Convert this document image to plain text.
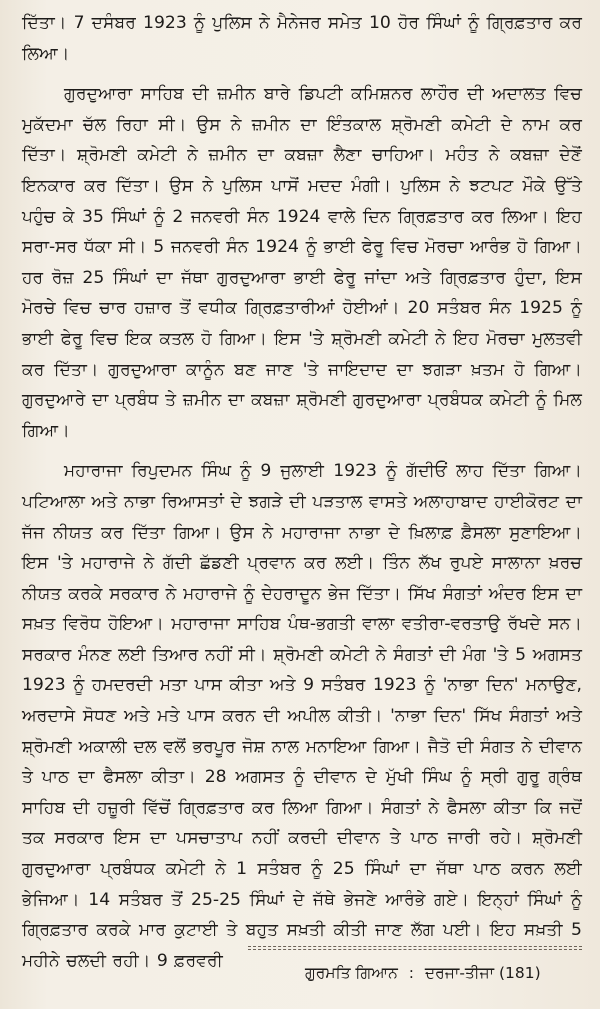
ਦਿੱਤਾ। 7 ਦਸੰਬਰ 1923 ਨੂੰ ਪੁਲਿਸ ਨੇ ਮੈਨੇਜਰ ਸਮੇਤ 10 ਹੋਰ ਸਿੰਘਾਂ ਨੂੰ ਗ੍ਰਿਫ਼ਤਾਰ ਕਰ ਲਿਆ।

ਗੁਰਦੁਆਰਾ ਸਾਹਿਬ ਦੀ ਜ਼ਮੀਨ ਬਾਰੇ ਡਿਪਟੀ ਕਮਿਸ਼ਨਰ ਲਾਹੌਰ ਦੀ ਅਦਾਲਤ ਵਿਚ ਮੁਕੱਦਮਾ ਚੱਲ ਰਿਹਾ ਸੀ। ਉਸ ਨੇ ਜ਼ਮੀਨ ਦਾ ਇੰਤਕਾਲ ਸ਼੍ਰੋਮਣੀ ਕਮੇਟੀ ਦੇ ਨਾਮ ਕਰ ਦਿੱਤਾ। ਸ਼੍ਰੋਮਣੀ ਕਮੇਟੀ ਨੇ ਜ਼ਮੀਨ ਦਾ ਕਬਜ਼ਾ ਲੈਣਾ ਚਾਹਿਆ। ਮਹੰਤ ਨੇ ਕਬਜ਼ਾ ਦੇਣੋਂ ਇਨਕਾਰ ਕਰ ਦਿੱਤਾ। ਉਸ ਨੇ ਪੁਲਿਸ ਪਾਸੋਂ ਮਦਦ ਮੰਗੀ। ਪੁਲਿਸ ਨੇ ਝਟਪਟ ਮੌਕੇ ਉੱਤੇ ਪਹੁੰਚ ਕੇ 35 ਸਿੰਘਾਂ ਨੂੰ 2 ਜਨਵਰੀ ਸੰਨ 1924 ਵਾਲੇ ਦਿਨ ਗ੍ਰਿਫ਼ਤਾਰ ਕਰ ਲਿਆ। ਇਹ ਸਰਾ-ਸਰ ਧੱਕਾ ਸੀ। 5 ਜਨਵਰੀ ਸੰਨ 1924 ਨੂੰ ਭਾਈ ਫੇਰੂ ਵਿਚ ਮੋਰਚਾ ਆਰੰਭ ਹੋ ਗਿਆ। ਹਰ ਰੋਜ਼ 25 ਸਿੰਘਾਂ ਦਾ ਜੱਥਾ ਗੁਰਦੁਆਰਾ ਭਾਈ ਫੇਰੂ ਜਾਂਦਾ ਅਤੇ ਗ੍ਰਿਫ਼ਤਾਰ ਹੁੰਦਾ, ਇਸ ਮੋਰਚੇ ਵਿਚ ਚਾਰ ਹਜ਼ਾਰ ਤੋਂ ਵਧੀਕ ਗ੍ਰਿਫ਼ਤਾਰੀਆਂ ਹੋਈਆਂ। 20 ਸਤੰਬਰ ਸੰਨ 1925 ਨੂੰ ਭਾਈ ਫੇਰੂ ਵਿਚ ਇਕ ਕਤਲ ਹੋ ਗਿਆ। ਇਸ 'ਤੇ ਸ਼੍ਰੋਮਣੀ ਕਮੇਟੀ ਨੇ ਇਹ ਮੋਰਚਾ ਮੁਲਤਵੀ ਕਰ ਦਿੱਤਾ। ਗੁਰਦੁਆਰਾ ਕਾਨੂੰਨ ਬਣ ਜਾਣ 'ਤੇ ਜਾਇਦਾਦ ਦਾ ਝਗੜਾ ਖ਼ਤਮ ਹੋ ਗਿਆ। ਗੁਰਦੁਆਰੇ ਦਾ ਪ੍ਰਬੰਧ ਤੇ ਜ਼ਮੀਨ ਦਾ ਕਬਜ਼ਾ ਸ਼੍ਰੋਮਣੀ ਗੁਰਦੁਆਰਾ ਪ੍ਰਬੰਧਕ ਕਮੇਟੀ ਨੂੰ ਮਿਲ ਗਿਆ।

ਮਹਾਰਾਜਾ ਰਿਪੁਦਮਨ ਸਿੰਘ ਨੂੰ 9 ਜੁਲਾਈ 1923 ਨੂੰ ਗੱਦੀਓਂ ਲਾਹ ਦਿੱਤਾ ਗਿਆ। ਪਟਿਆਲਾ ਅਤੇ ਨਾਭਾ ਰਿਆਸਤਾਂ ਦੇ ਝਗੜੇ ਦੀ ਪੜਤਾਲ ਵਾਸਤੇ ਅਲਾਹਾਬਾਦ ਹਾਈਕੋਰਟ ਦਾ ਜੱਜ ਨੀਯਤ ਕਰ ਦਿੱਤਾ ਗਿਆ। ਉਸ ਨੇ ਮਹਾਰਾਜਾ ਨਾਭਾ ਦੇ ਖ਼ਿਲਾਫ਼ ਫ਼ੈਸਲਾ ਸੁਣਾਇਆ। ਇਸ 'ਤੇ ਮਹਾਰਾਜੇ ਨੇ ਗੱਦੀ ਛੱਡਣੀ ਪ੍ਰਵਾਨ ਕਰ ਲਈ। ਤਿੰਨ ਲੱਖ ਰੁਪਏ ਸਾਲਾਨਾ ਖ਼ਰਚ ਨੀਯਤ ਕਰਕੇ ਸਰਕਾਰ ਨੇ ਮਹਾਰਾਜੇ ਨੂੰ ਦੇਹਰਾਦੂਨ ਭੇਜ ਦਿੱਤਾ। ਸਿੱਖ ਸੰਗਤਾਂ ਅੰਦਰ ਇਸ ਦਾ ਸਖ਼ਤ ਵਿਰੋਧ ਹੋਇਆ। ਮਹਾਰਾਜਾ ਸਾਹਿਬ ਪੰਥ-ਭਗਤੀ ਵਾਲਾ ਵਤੀਰਾ-ਵਰਤਾਉ ਰੱਖਦੇ ਸਨ। ਸਰਕਾਰ ਮੰਨਣ ਲਈ ਤਿਆਰ ਨਹੀਂ ਸੀ। ਸ਼੍ਰੋਮਣੀ ਕਮੇਟੀ ਨੇ ਸੰਗਤਾਂ ਦੀ ਮੰਗ 'ਤੇ 5 ਅਗਸਤ 1923 ਨੂੰ ਹਮਦਰਦੀ ਮਤਾ ਪਾਸ ਕੀਤਾ ਅਤੇ 9 ਸਤੰਬਰ 1923 ਨੂੰ 'ਨਾਭਾ ਦਿਨ' ਮਨਾਉਣ, ਅਰਦਾਸੇ ਸੋਧਣ ਅਤੇ ਮਤੇ ਪਾਸ ਕਰਨ ਦੀ ਅਪੀਲ ਕੀਤੀ। 'ਨਾਭਾ ਦਿਨ' ਸਿੱਖ ਸੰਗਤਾਂ ਅਤੇ ਸ਼੍ਰੋਮਣੀ ਅਕਾਲੀ ਦਲ ਵਲੋਂ ਭਰਪੂਰ ਜੋਸ਼ ਨਾਲ ਮਨਾਇਆ ਗਿਆ। ਜੈਤੋ ਦੀ ਸੰਗਤ ਨੇ ਦੀਵਾਨ ਤੇ ਪਾਠ ਦਾ ਫੈਸਲਾ ਕੀਤਾ। 28 ਅਗਸਤ ਨੂੰ ਦੀਵਾਨ ਦੇ ਮੁੱਖੀ ਸਿੰਘ ਨੂੰ ਸ੍ਰੀ ਗੁਰੂ ਗ੍ਰੰਥ ਸਾਹਿਬ ਦੀ ਹਜ਼ੂਰੀ ਵਿੱਚੋਂ ਗ੍ਰਿਫ਼ਤਾਰ ਕਰ ਲਿਆ ਗਿਆ। ਸੰਗਤਾਂ ਨੇ ਫੈਸਲਾ ਕੀਤਾ ਕਿ ਜਦੋਂ ਤਕ ਸਰਕਾਰ ਇਸ ਦਾ ਪਸਚਾਤਾਪ ਨਹੀਂ ਕਰਦੀ ਦੀਵਾਨ ਤੇ ਪਾਠ ਜਾਰੀ ਰਹੇ। ਸ਼੍ਰੋਮਣੀ ਗੁਰਦੁਆਰਾ ਪ੍ਰਬੰਧਕ ਕਮੇਟੀ ਨੇ 1 ਸਤੰਬਰ ਨੂੰ 25 ਸਿੰਘਾਂ ਦਾ ਜੱਥਾ ਪਾਠ ਕਰਨ ਲਈ ਭੇਜਿਆ। 14 ਸਤੰਬਰ ਤੋਂ 25-25 ਸਿੰਘਾਂ ਦੇ ਜੱਥੇ ਭੇਜਣੇ ਆਰੰਭੇ ਗਏ। ਇਨ੍ਹਾਂ ਸਿੰਘਾਂ ਨੂੰ ਗ੍ਰਿਫ਼ਤਾਰ ਕਰਕੇ ਮਾਰ ਕੁਟਾਈ ਤੇ ਬਹੁਤ ਸਖ਼ਤੀ ਕੀਤੀ ਜਾਣ ਲੱਗ ਪਈ। ਇਹ ਸਖ਼ਤੀ 5 ਮਹੀਨੇ ਚਲਦੀ ਰਹੀ। 9 ਫ਼ਰਵਰੀ

ਗੁਰਮਤਿ ਗਿਆਨ : ਦਰਜਾ-ਤੀਜਾ (181)
